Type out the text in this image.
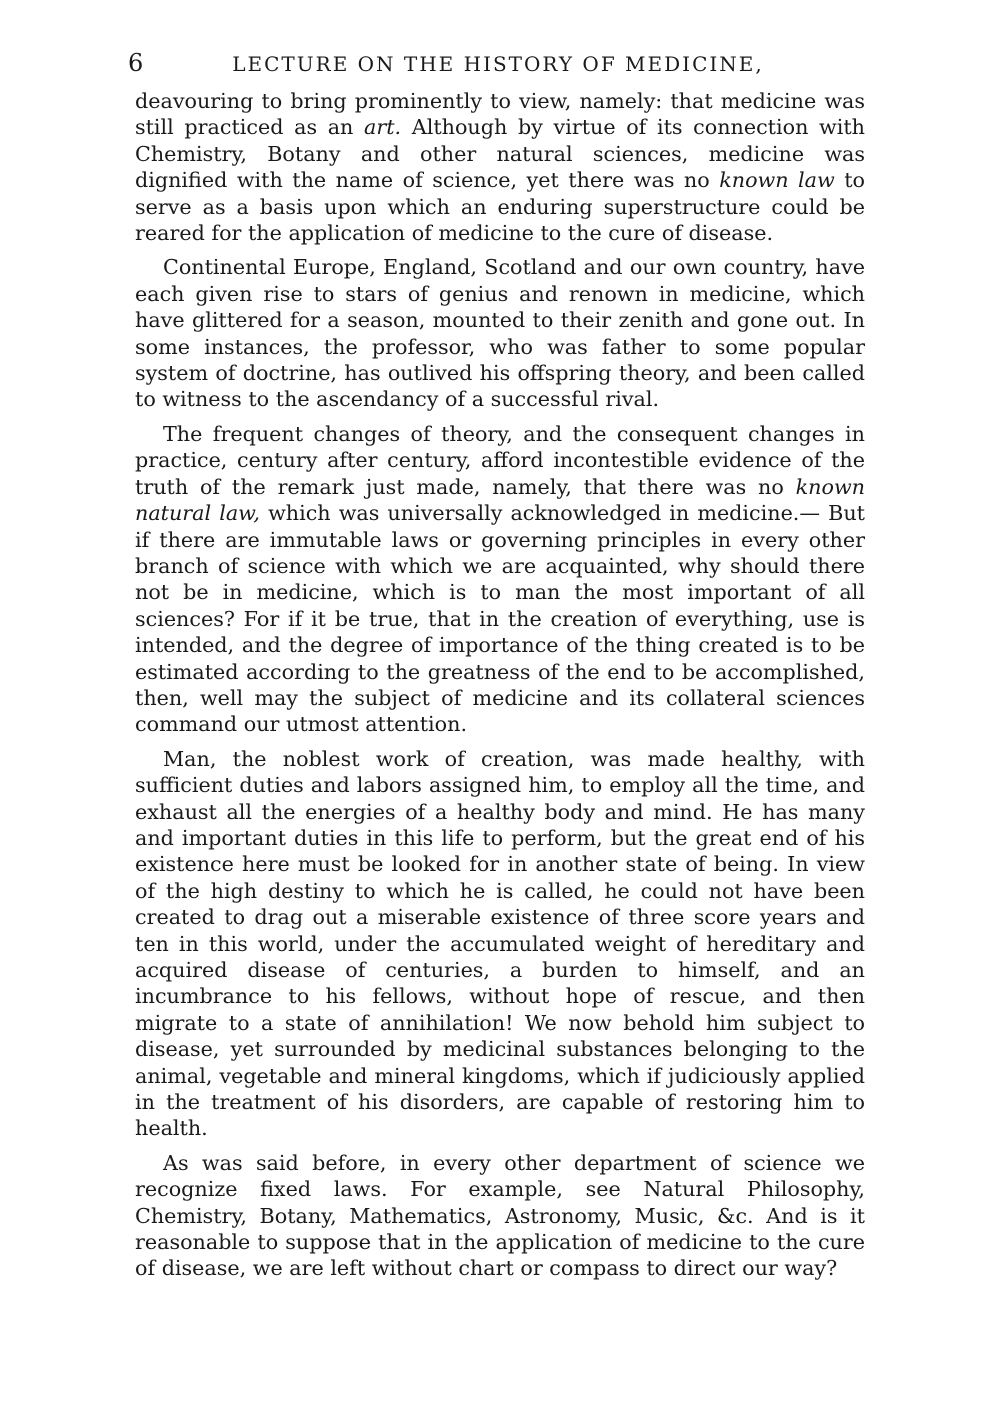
6	LECTURE ON THE HISTORY OF MEDICINE,

deavouring to bring prominently to view, namely: that medicine was still practiced as an art. Although by virtue of its connection with Chemistry, Botany and other natural sciences, medicine was dignified with the name of science, yet there was no known law to serve as a basis upon which an enduring superstructure could be reared for the application of medicine to the cure of disease.

Continental Europe, England, Scotland and our own country, have each given rise to stars of genius and renown in medicine, which have glittered for a season, mounted to their zenith and gone out. In some instances, the professor, who was father to some popular system of doctrine, has outlived his offspring theory, and been called to witness to the ascendancy of a successful rival.

The frequent changes of theory, and the consequent changes in practice, century after century, afford incontestible evidence of the truth of the remark just made, namely, that there was no known natural law, which was universally acknowledged in medicine.— But if there are immutable laws or governing principles in every other branch of science with which we are acquainted, why should there not be in medicine, which is to man the most important of all sciences? For if it be true, that in the creation of everything, use is intended, and the degree of importance of the thing created is to be estimated according to the greatness of the end to be accomplished, then, well may the subject of medicine and its collateral sciences command our utmost attention.

Man, the noblest work of creation, was made healthy, with sufficient duties and labors assigned him, to employ all the time, and exhaust all the energies of a healthy body and mind. He has many and important duties in this life to perform, but the great end of his existence here must be looked for in another state of being. In view of the high destiny to which he is called, he could not have been created to drag out a miserable existence of three score years and ten in this world, under the accumulated weight of hereditary and acquired disease of centuries, a burden to himself, and an incumbrance to his fellows, without hope of rescue, and then migrate to a state of annihilation! We now behold him subject to disease, yet surrounded by medicinal substances belonging to the animal, vegetable and mineral kingdoms, which if judiciously applied in the treatment of his disorders, are capable of restoring him to health.

As was said before, in every other department of science we recognize fixed laws. For example, see Natural Philosophy, Chemistry, Botany, Mathematics, Astronomy, Music, &c. And is it reasonable to suppose that in the application of medicine to the cure of disease, we are left without chart or compass to direct our way?
